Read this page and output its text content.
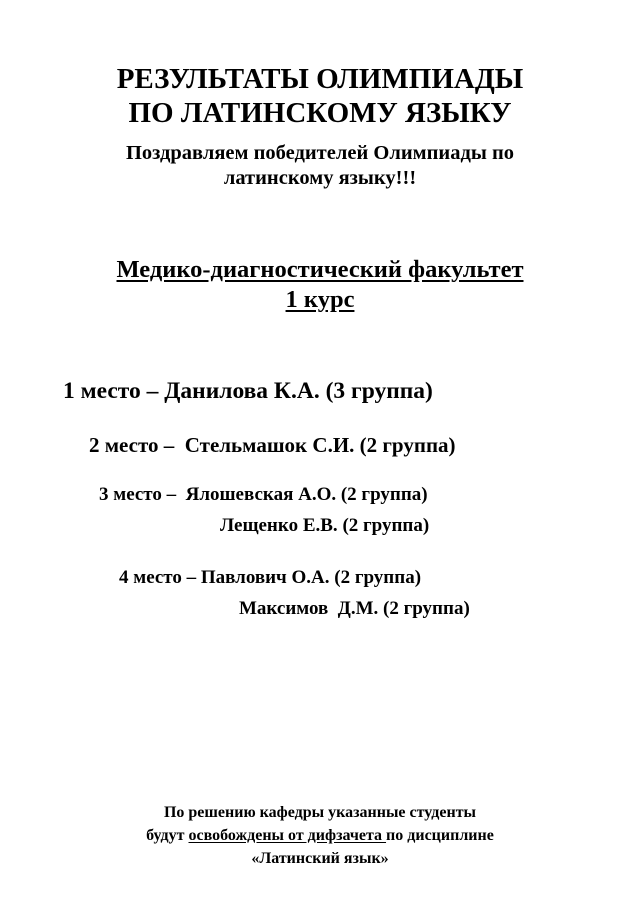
РЕЗУЛЬТАТЫ ОЛИМПИАДЫ
ПО ЛАТИНСКОМУ ЯЗЫКУ
Поздравляем победителей Олимпиады по
латинскому языку!!!
Медико-диагностический факультет
1 курс
1 место – Данилова К.А. (3 группа)
2 место – Стельмашок С.И. (2 группа)
3 место – Ялошевская А.О. (2 группа)
Лещенко Е.В. (2 группа)
4 место – Павлович О.А. (2 группа)
Максимов  Д.М. (2 группа)
По решению кафедры указанные студенты
будут освобождены от дифзачета по дисциплине
«Латинский язык»
